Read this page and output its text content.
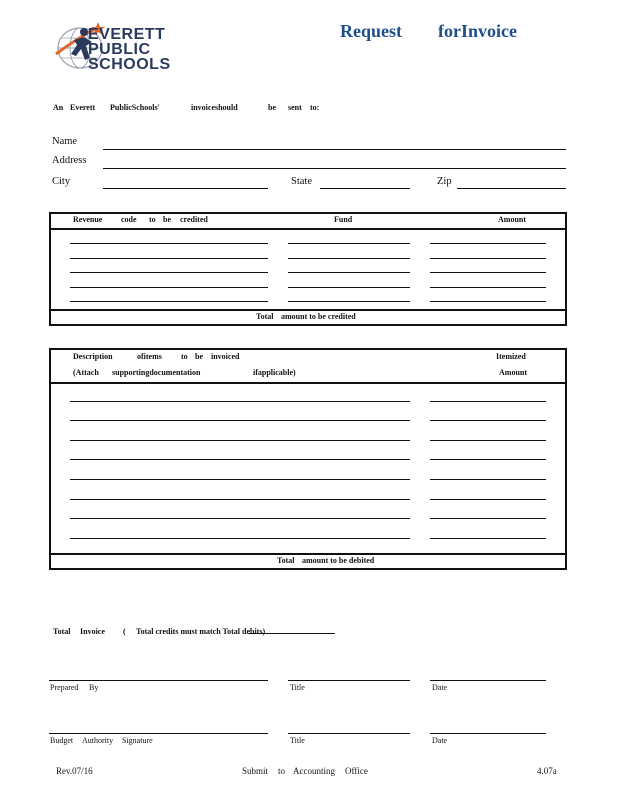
EVERETT
PUBLIC
SCHOOLS
Request forInvoice
An Everett PublicSchools'	invoiceshould	be sent to:
Name
Address
City	State	Zip
Revenue code to be credited	Fund	Amount
Total amount to be credited
Description	ofitems to be invoiced
(Attach supportingdocumentation	ifapplicable)
Itemized
Amount
Total amount to be debited
Total Invoice ( Total credits must match Total debits)
Prepared By	Title	Date
Budget Authority Signature	Title	Date
Rev.07/16	Submit to Accounting Office	4.07a
